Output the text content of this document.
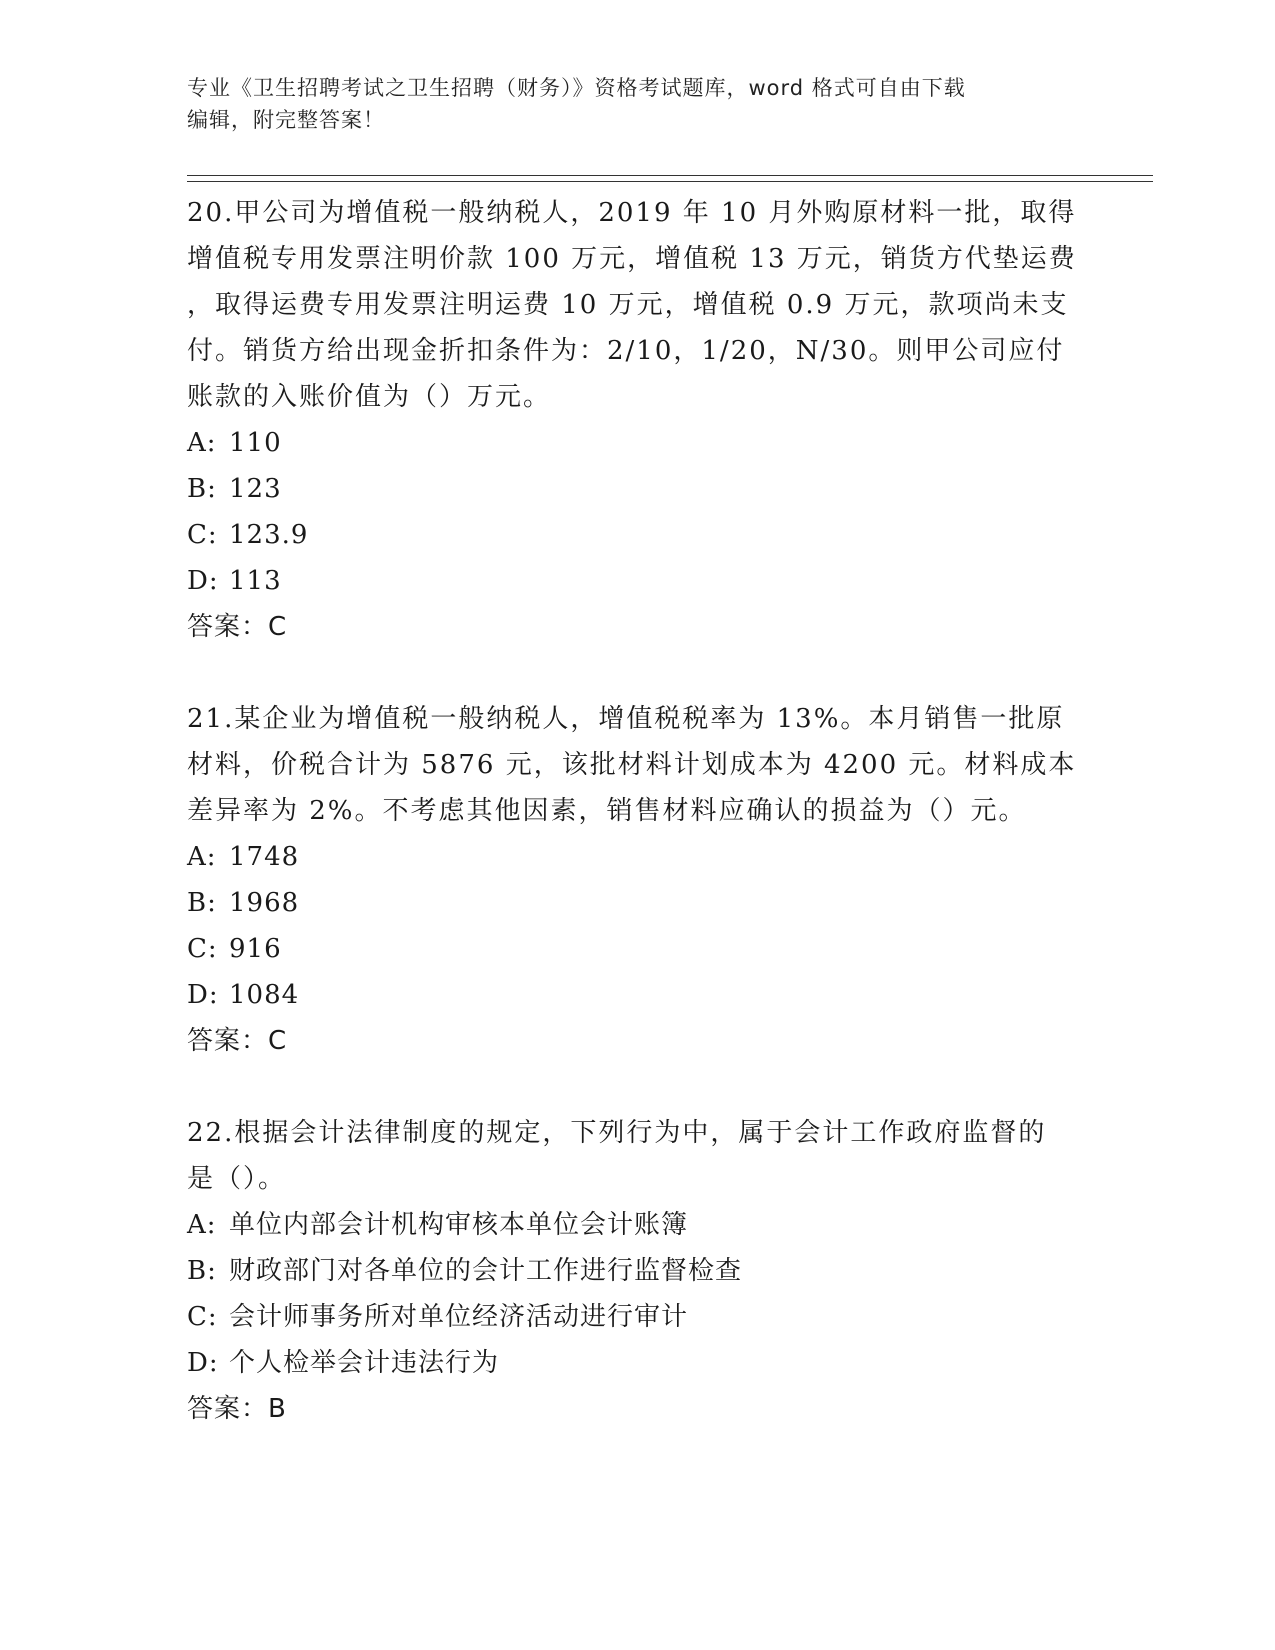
专业《卫生招聘考试之卫生招聘（财务）》资格考试题库，word 格式可自由下载
编辑，附完整答案！
20.甲公司为增值税一般纳税人，2019 年 10 月外购原材料一批，取得
增值税专用发票注明价款 100 万元，增值税 13 万元，销货方代垫运费
，取得运费专用发票注明运费 10 万元，增值税 0.9 万元，款项尚未支
付。销货方给出现金折扣条件为：2/10，1/20，N/30。则甲公司应付
账款的入账价值为（）万元。
A: 110
B: 123
C: 123.9
D: 113
答案：C
21.某企业为增值税一般纳税人，增值税税率为 13%。本月销售一批原
材料，价税合计为 5876 元，该批材料计划成本为 4200 元。材料成本
差异率为 2%。不考虑其他因素，销售材料应确认的损益为（）元。
A: 1748
B: 1968
C: 916
D: 1084
答案：C
22.根据会计法律制度的规定，下列行为中，属于会计工作政府监督的
是（）。
A: 单位内部会计机构审核本单位会计账簿
B: 财政部门对各单位的会计工作进行监督检查
C: 会计师事务所对单位经济活动进行审计
D: 个人检举会计违法行为
答案：B
